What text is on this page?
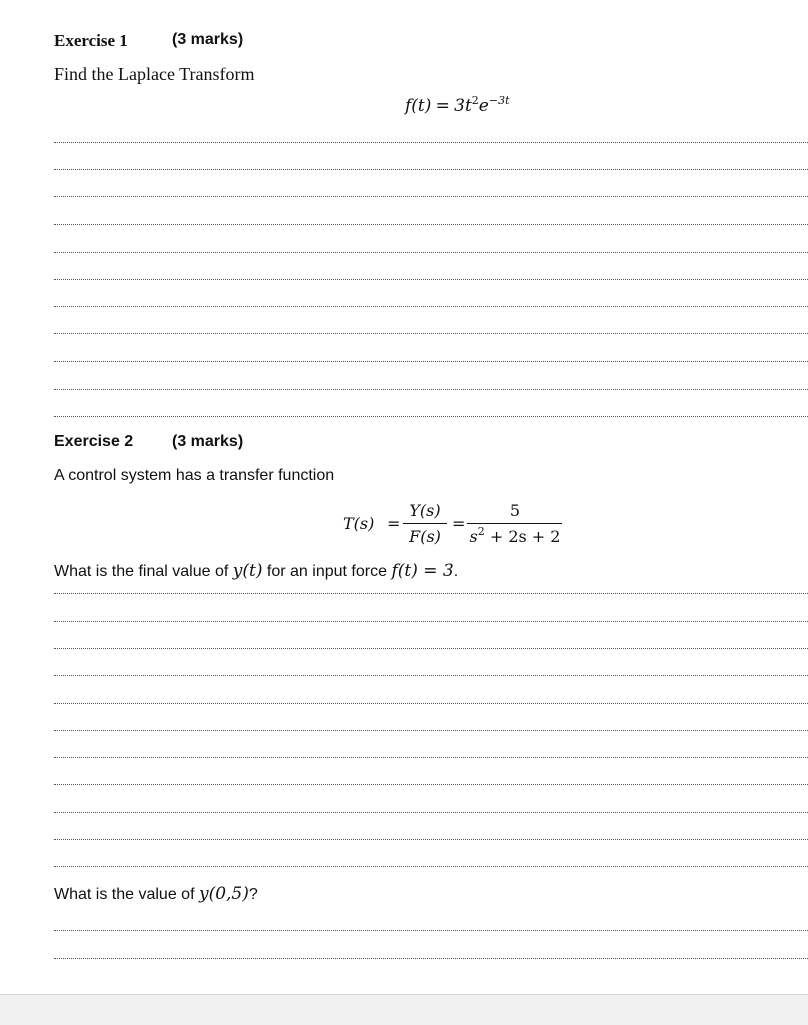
Exercise 1	(3 marks)
Find the Laplace Transform
$f(t) = 3t^2e^{-3t}$
Exercise 2 (3 marks)
A control system has a transfer function
T(s) =
Y(s)
F(s)
=
5
$s^2 + 2s + 2$
What is the final value of y(t) for an input force f(t) = 3.
What is the value of y(0,5)?
